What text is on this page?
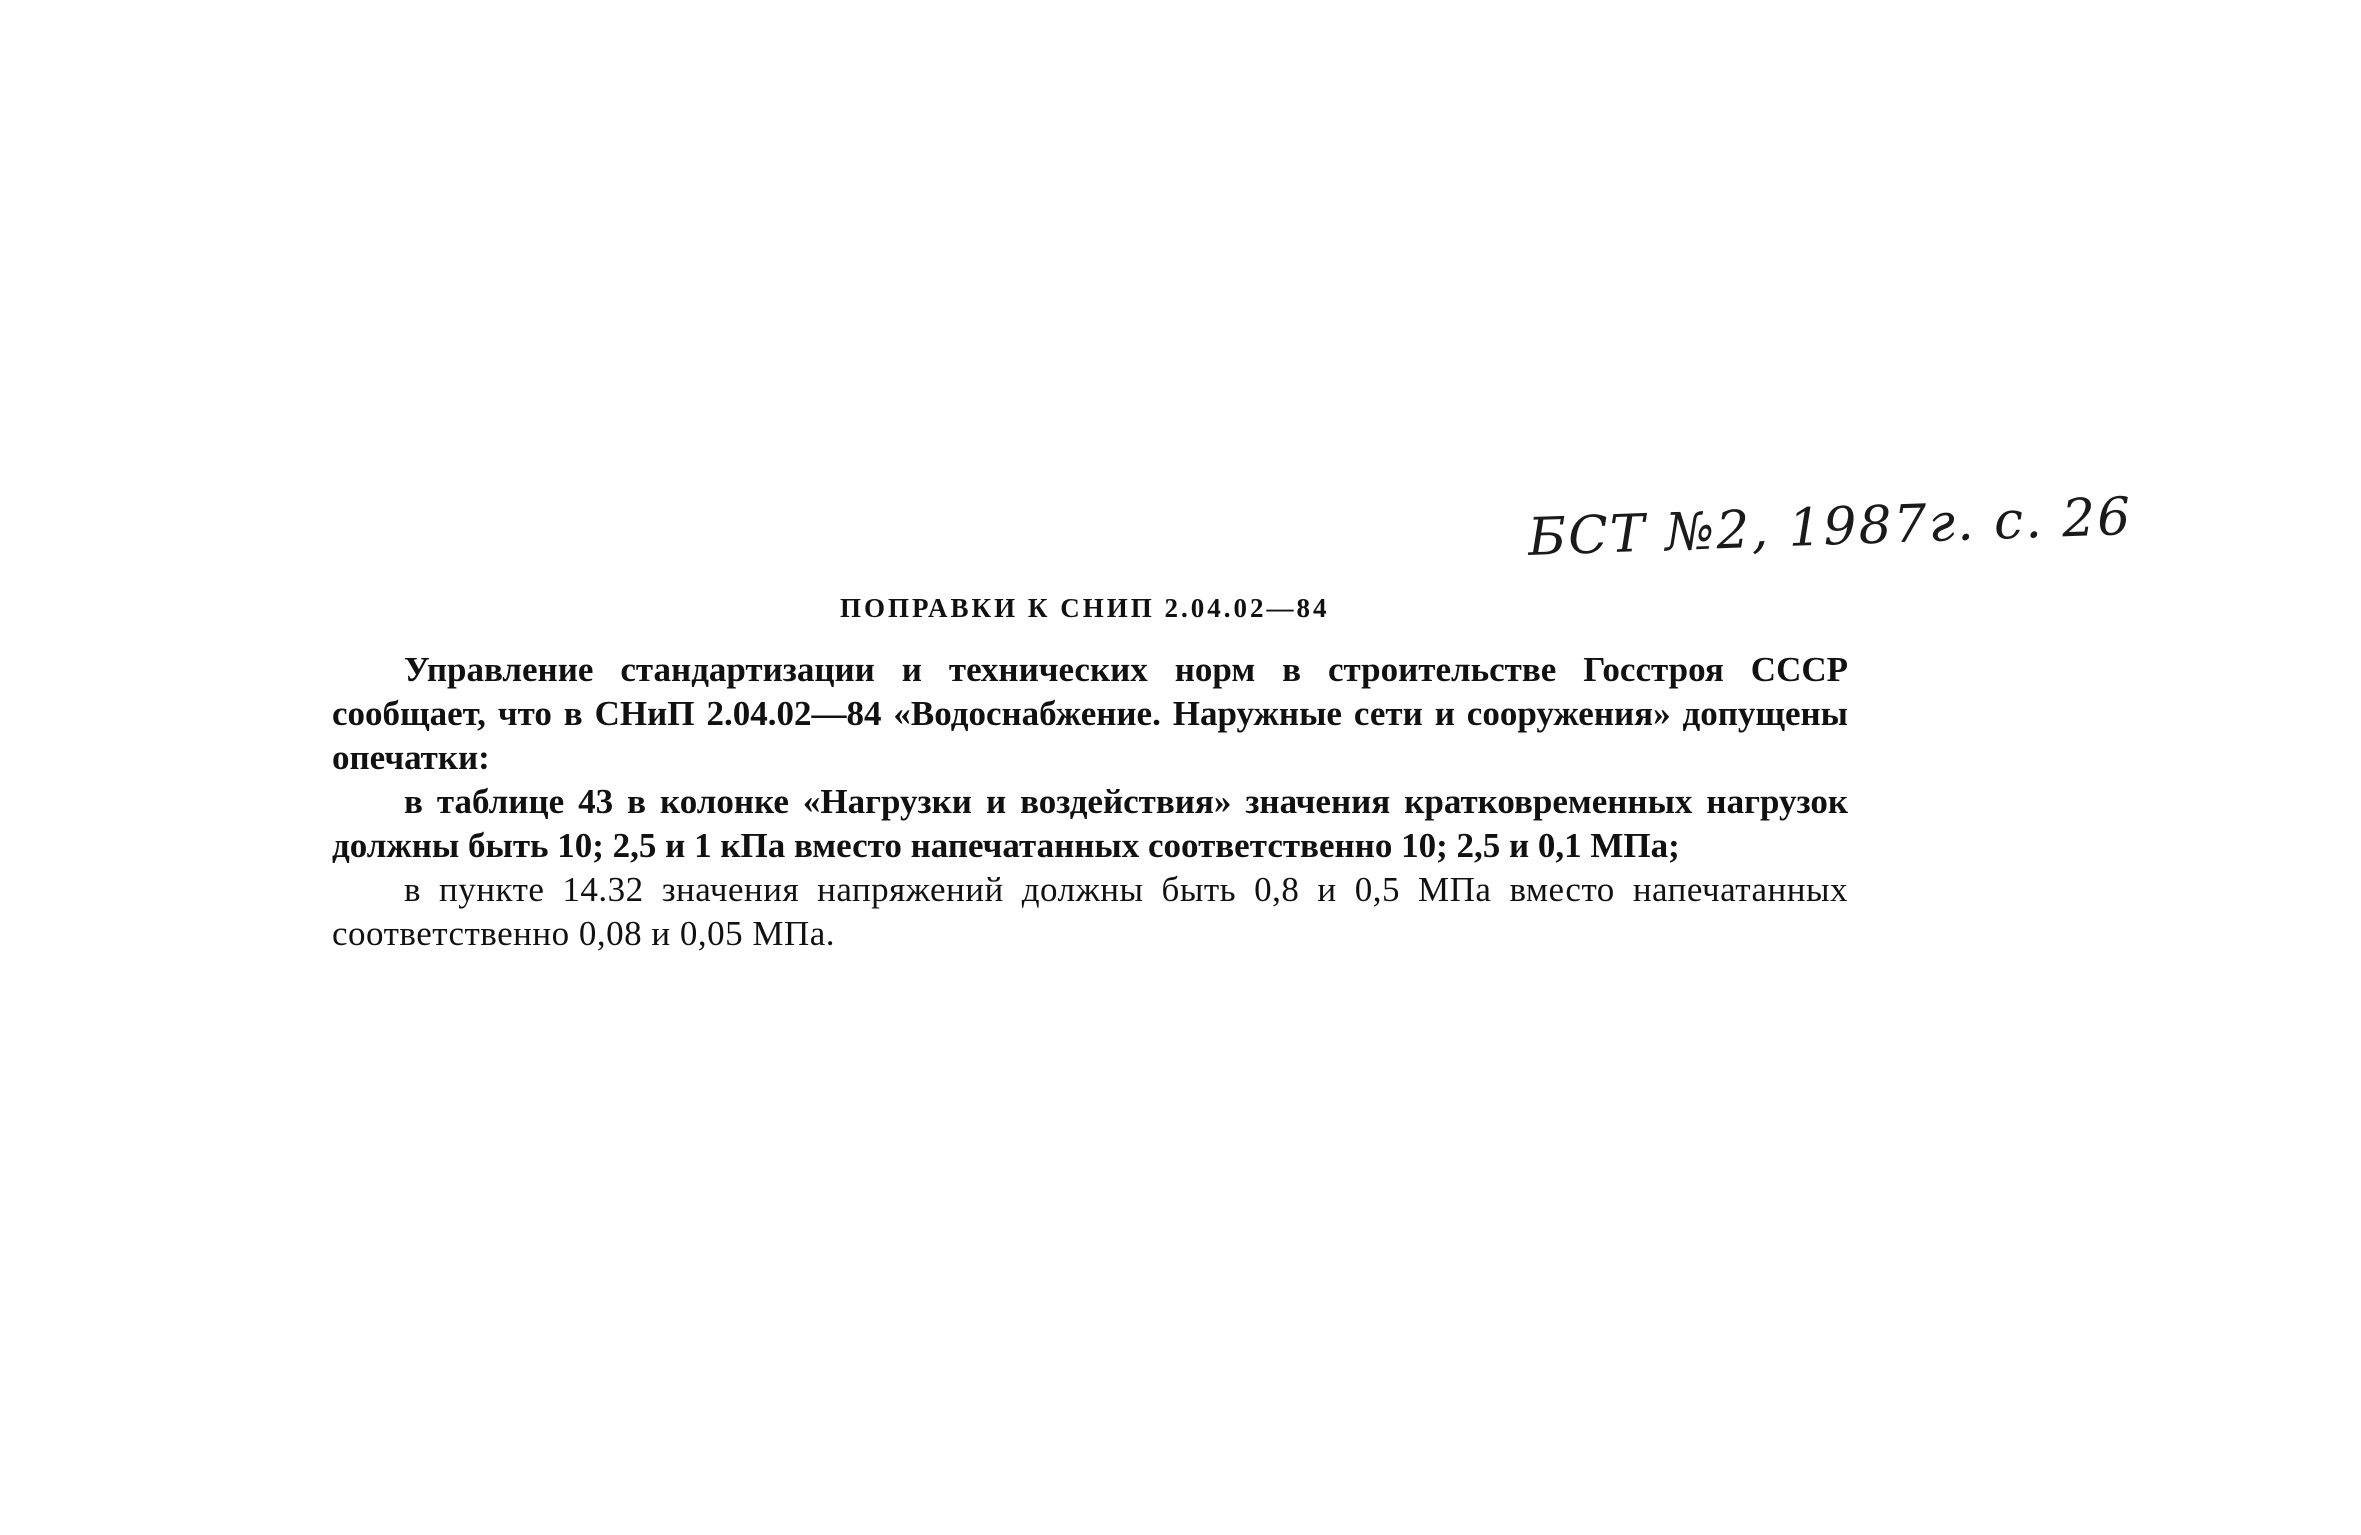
БСТ №2, 1987г. с. 26
ПОПРАВКИ К СНИП 2.04.02—84

Управление стандартизации и технических норм в строительстве Госстроя СССР сообщает, что в СНиП 2.04.02—84 «Водоснабжение. Наружные сети и сооружения» допущены опечатки:

в таблице 43 в колонке «Нагрузки и воздействия» значения кратковременных нагрузок должны быть 10; 2,5 и 1 кПа вместо напечатанных соответственно 10; 2,5 и 0,1 МПа;

в пункте 14.32 значения напряжений должны быть 0,8 и 0,5 МПа вместо напечатанных соответственно 0,08 и 0,05 МПа.
